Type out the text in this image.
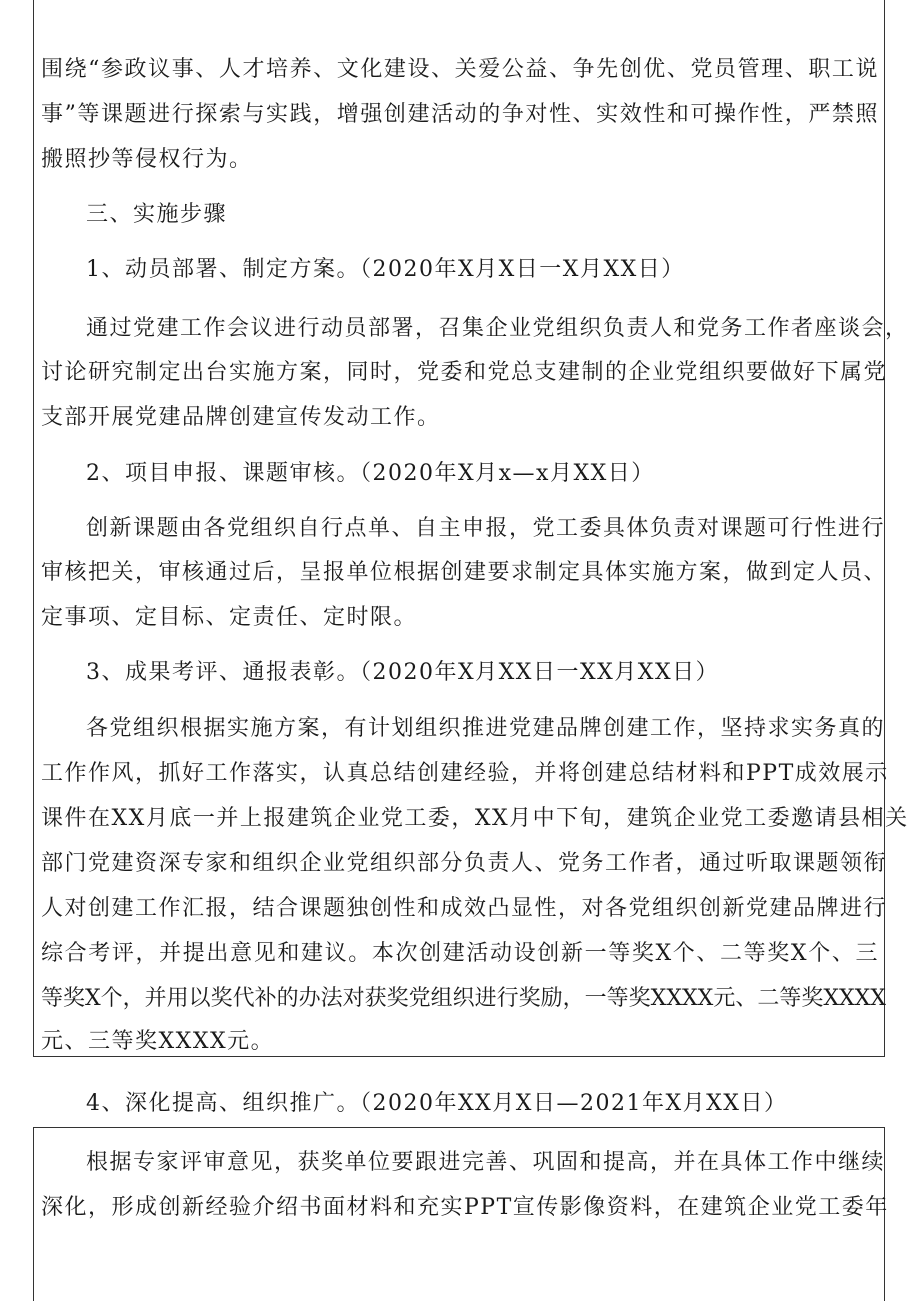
围绕“参政议事、人才培养、文化建设、关爱公益、争先创优、党员管理、职工说
事”等课题进行探索与实践，增强创建活动的争对性、实效性和可操作性，严禁照
搬照抄等侵权行为。
三、实施步骤
1、动员部署、制定方案。（2020年X月X日一X月XX日）
通过党建工作会议进行动员部署，召集企业党组织负责人和党务工作者座谈会，
讨论研究制定出台实施方案，同时，党委和党总支建制的企业党组织要做好下属党
支部开展党建品牌创建宣传发动工作。
2、项目申报、课题审核。（2020年X月x—x月XX日）
创新课题由各党组织自行点单、自主申报，党工委具体负责对课题可行性进行
审核把关，审核通过后，呈报单位根据创建要求制定具体实施方案，做到定人员、
定事项、定目标、定责任、定时限。
3、成果考评、通报表彰。（2020年X月XX日一XX月XX日）
各党组织根据实施方案，有计划组织推进党建品牌创建工作，坚持求实务真的
工作作风，抓好工作落实，认真总结创建经验，并将创建总结材料和PPT成效展示
课件在XX月底一并上报建筑企业党工委，XX月中下旬，建筑企业党工委邀请县相关
部门党建资深专家和组织企业党组织部分负责人、党务工作者，通过听取课题领衔
人对创建工作汇报，结合课题独创性和成效凸显性，对各党组织创新党建品牌进行
综合考评，并提出意见和建议。本次创建活动设创新一等奖X个、二等奖X个、三
等奖X个，并用以奖代补的办法对获奖党组织进行奖励，一等奖XXXX元、二等奖XXXX
元、三等奖XXXX元。
4、深化提高、组织推广。（2020年XX月X日—2021年X月XX日）
根据专家评审意见，获奖单位要跟进完善、巩固和提高，并在具体工作中继续
深化，形成创新经验介绍书面材料和充实PPT宣传影像资料，在建筑企业党工委年
